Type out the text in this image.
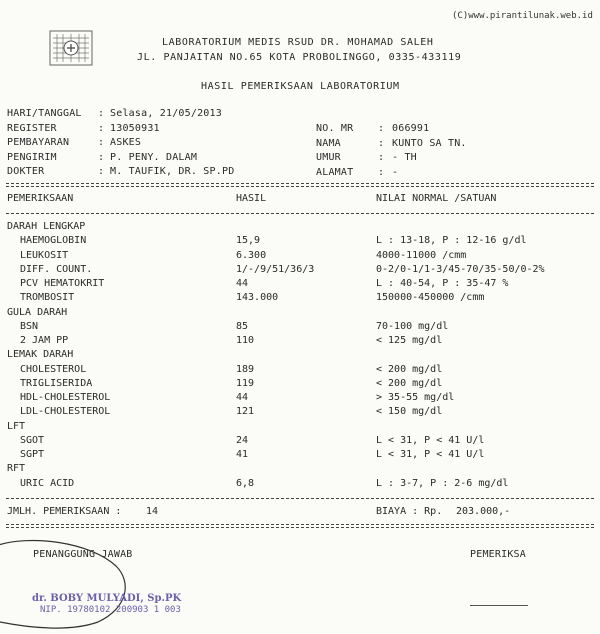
(C)www.pirantilunak.web.id
LABORATORIUM MEDIS RSUD DR. MOHAMAD SALEH
JL. PANJAITAN NO.65 KOTA PROBOLINGGO, 0335-433119
HASIL PEMERIKSAAN LABORATORIUM
HARI/TANGGAL : Selasa, 21/05/2013
REGISTER	: 13050931
PEMBAYARAN	: ASKES
PENGIRIM	: P. PENY. DALAM
DOKTER	: M. TAUFIK, DR. SP.PD
NO. MR : 066991
NAMA	: KUNTO SA TN.
UMUR	: - TH
ALAMAT : -
PEMERIKSAAN	HASIL	NILAI NORMAL /SATUAN
DARAH LENGKAP
HAEMOGLOBIN	15,9	L : 13-18, P : 12-16 g/dl
LEUKOSIT	6.300	4000-11000 /cmm
DIFF. COUNT.	1/-/9/51/36/3	0-2/0-1/1-3/45-70/35-50/0-2%
PCV HEMATOKRIT	44	L : 40-54, P : 35-47 %
TROMBOSIT	143.000	150000-450000 /cmm
GULA DARAH
BSN	85	70-100 mg/dl
2 JAM PP	110	< 125 mg/dl
LEMAK DARAH
CHOLESTEROL	189	< 200 mg/dl
TRIGLISERIDA	119	< 200 mg/dl
HDL-CHOLESTEROL	44	> 35-55 mg/dl
LDL-CHOLESTEROL	121	< 150 mg/dl
LFT
SGOT	24	L < 31, P < 41 U/l
SGPT	41	L < 31, P < 41 U/l
RFT
URIC ACID	6,8	L : 3-7, P : 2-6 mg/dl
JMLH. PEMERIKSAAN : 14	BIAYA : Rp. 203.000,-
PENANGGUNG JAWAB	PEMERIKSA
dr. BOBY MULYADI, Sp.PK
NIP. 19780102 200903 1 003
